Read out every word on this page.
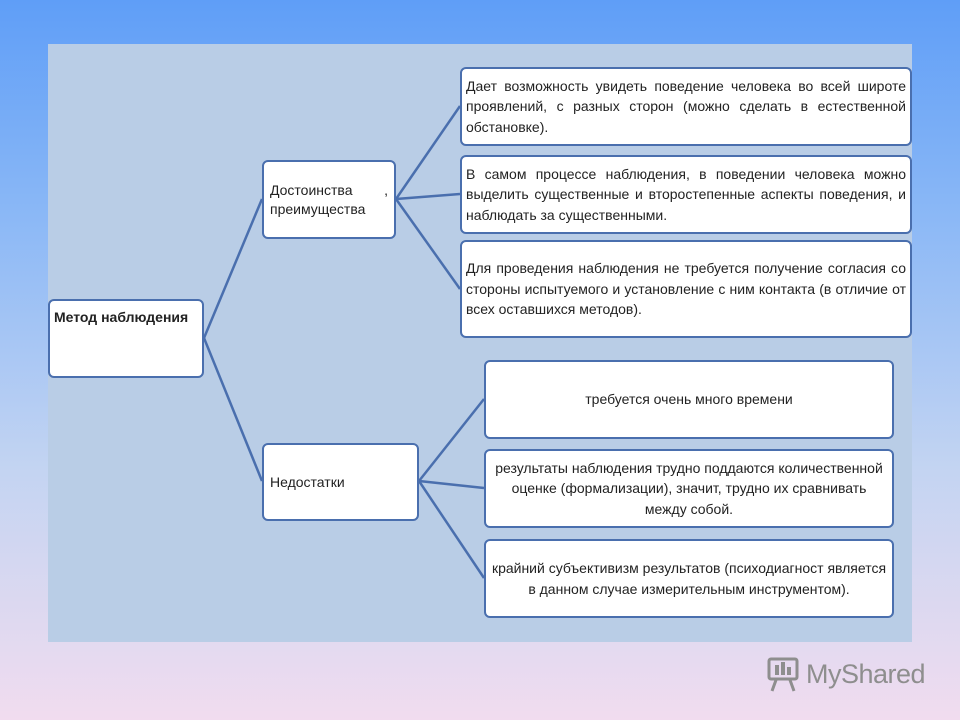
Метод наблюдения
Достоинства , преимущества
Недостатки
Дает возможность увидеть поведение человека во всей широте проявлений, с разных сторон (можно сделать в естественной обстановке).
В самом процессе наблюдения, в поведении человека можно выделить существенные и второстепенные аспекты поведения, и наблюдать за существенными.
Для проведения наблюдения не требуется получение согласия со стороны испытуемого и установление с ним контакта (в отличие от всех оставшихся методов).
требуется очень много времени
результаты наблюдения трудно поддаются количественной оценке (формализации), значит, трудно их сравнивать между собой.
крайний субъективизм результатов (психодиагност является в данном случае измерительным инструментом).
MyShared
